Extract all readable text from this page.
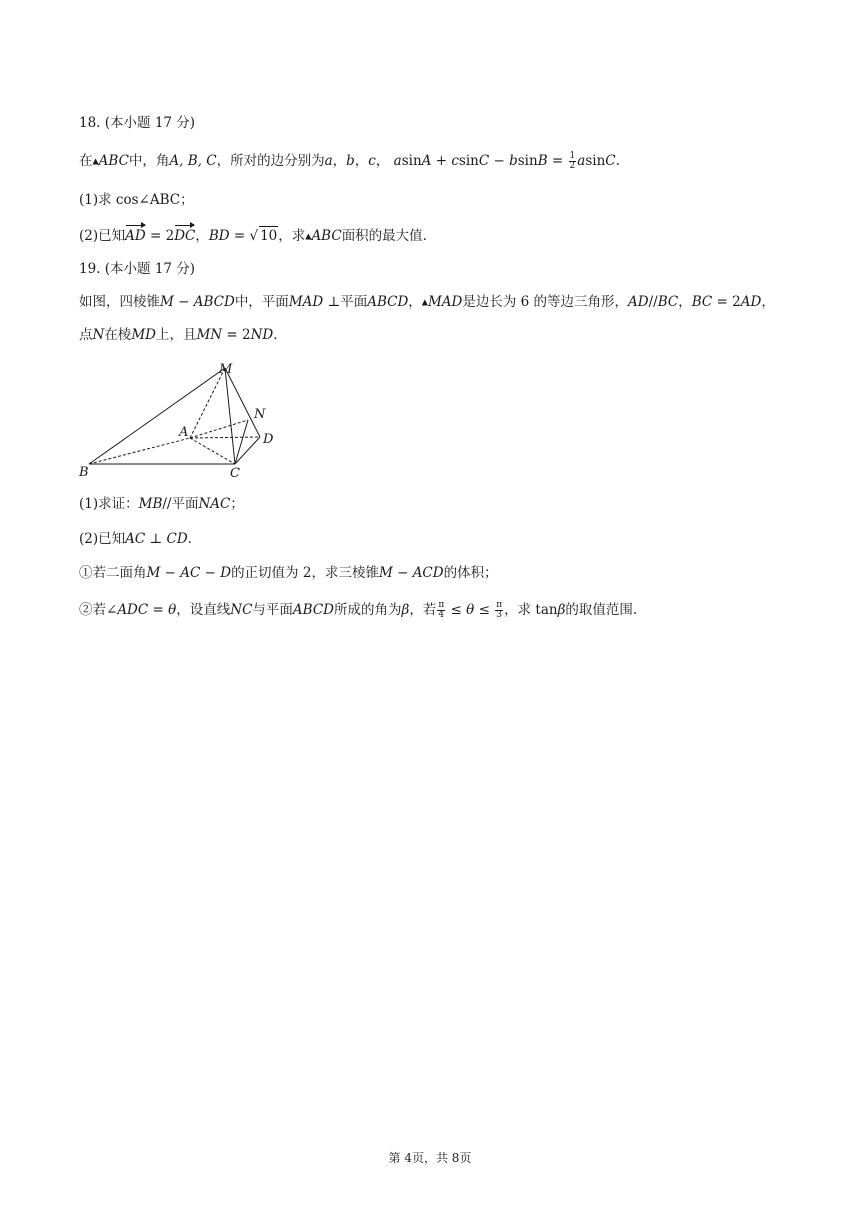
18. (本小题 17 分)
在▲ABC中，角A, B, C，所对的边分别为a，b，c， $asinA + csinC - bsinB = \frac{1}{2} asinC$.
(1)求 cos∠ABC；
(2)已知AD = 2DC，BD = √ 10，求▲ABC面积的最大值.
19. (本小题 17 分)
如图，四棱锥M − ABCD中，平面MAD ⊥平面ABCD，▲MAD是边长为 6 的等边三角形，AD//BC，BC = 2AD，
点N在棱MD上，且MN = 2ND.
M
N
A	D
B	C
(1)求证：MB//平面NAC；
(2)已知AC ⊥ CD.
①若二面角M − AC − D的正切值为 2，求三棱锥M − ACD的体积；
②若∠ADC = θ，设直线NC与平面ABCD所成的角为β，若 $\frac{\pi}{4} \le \theta \le \frac{\pi}{3}$ ，求 tanβ的取值范围.
第 4页，共 8页
